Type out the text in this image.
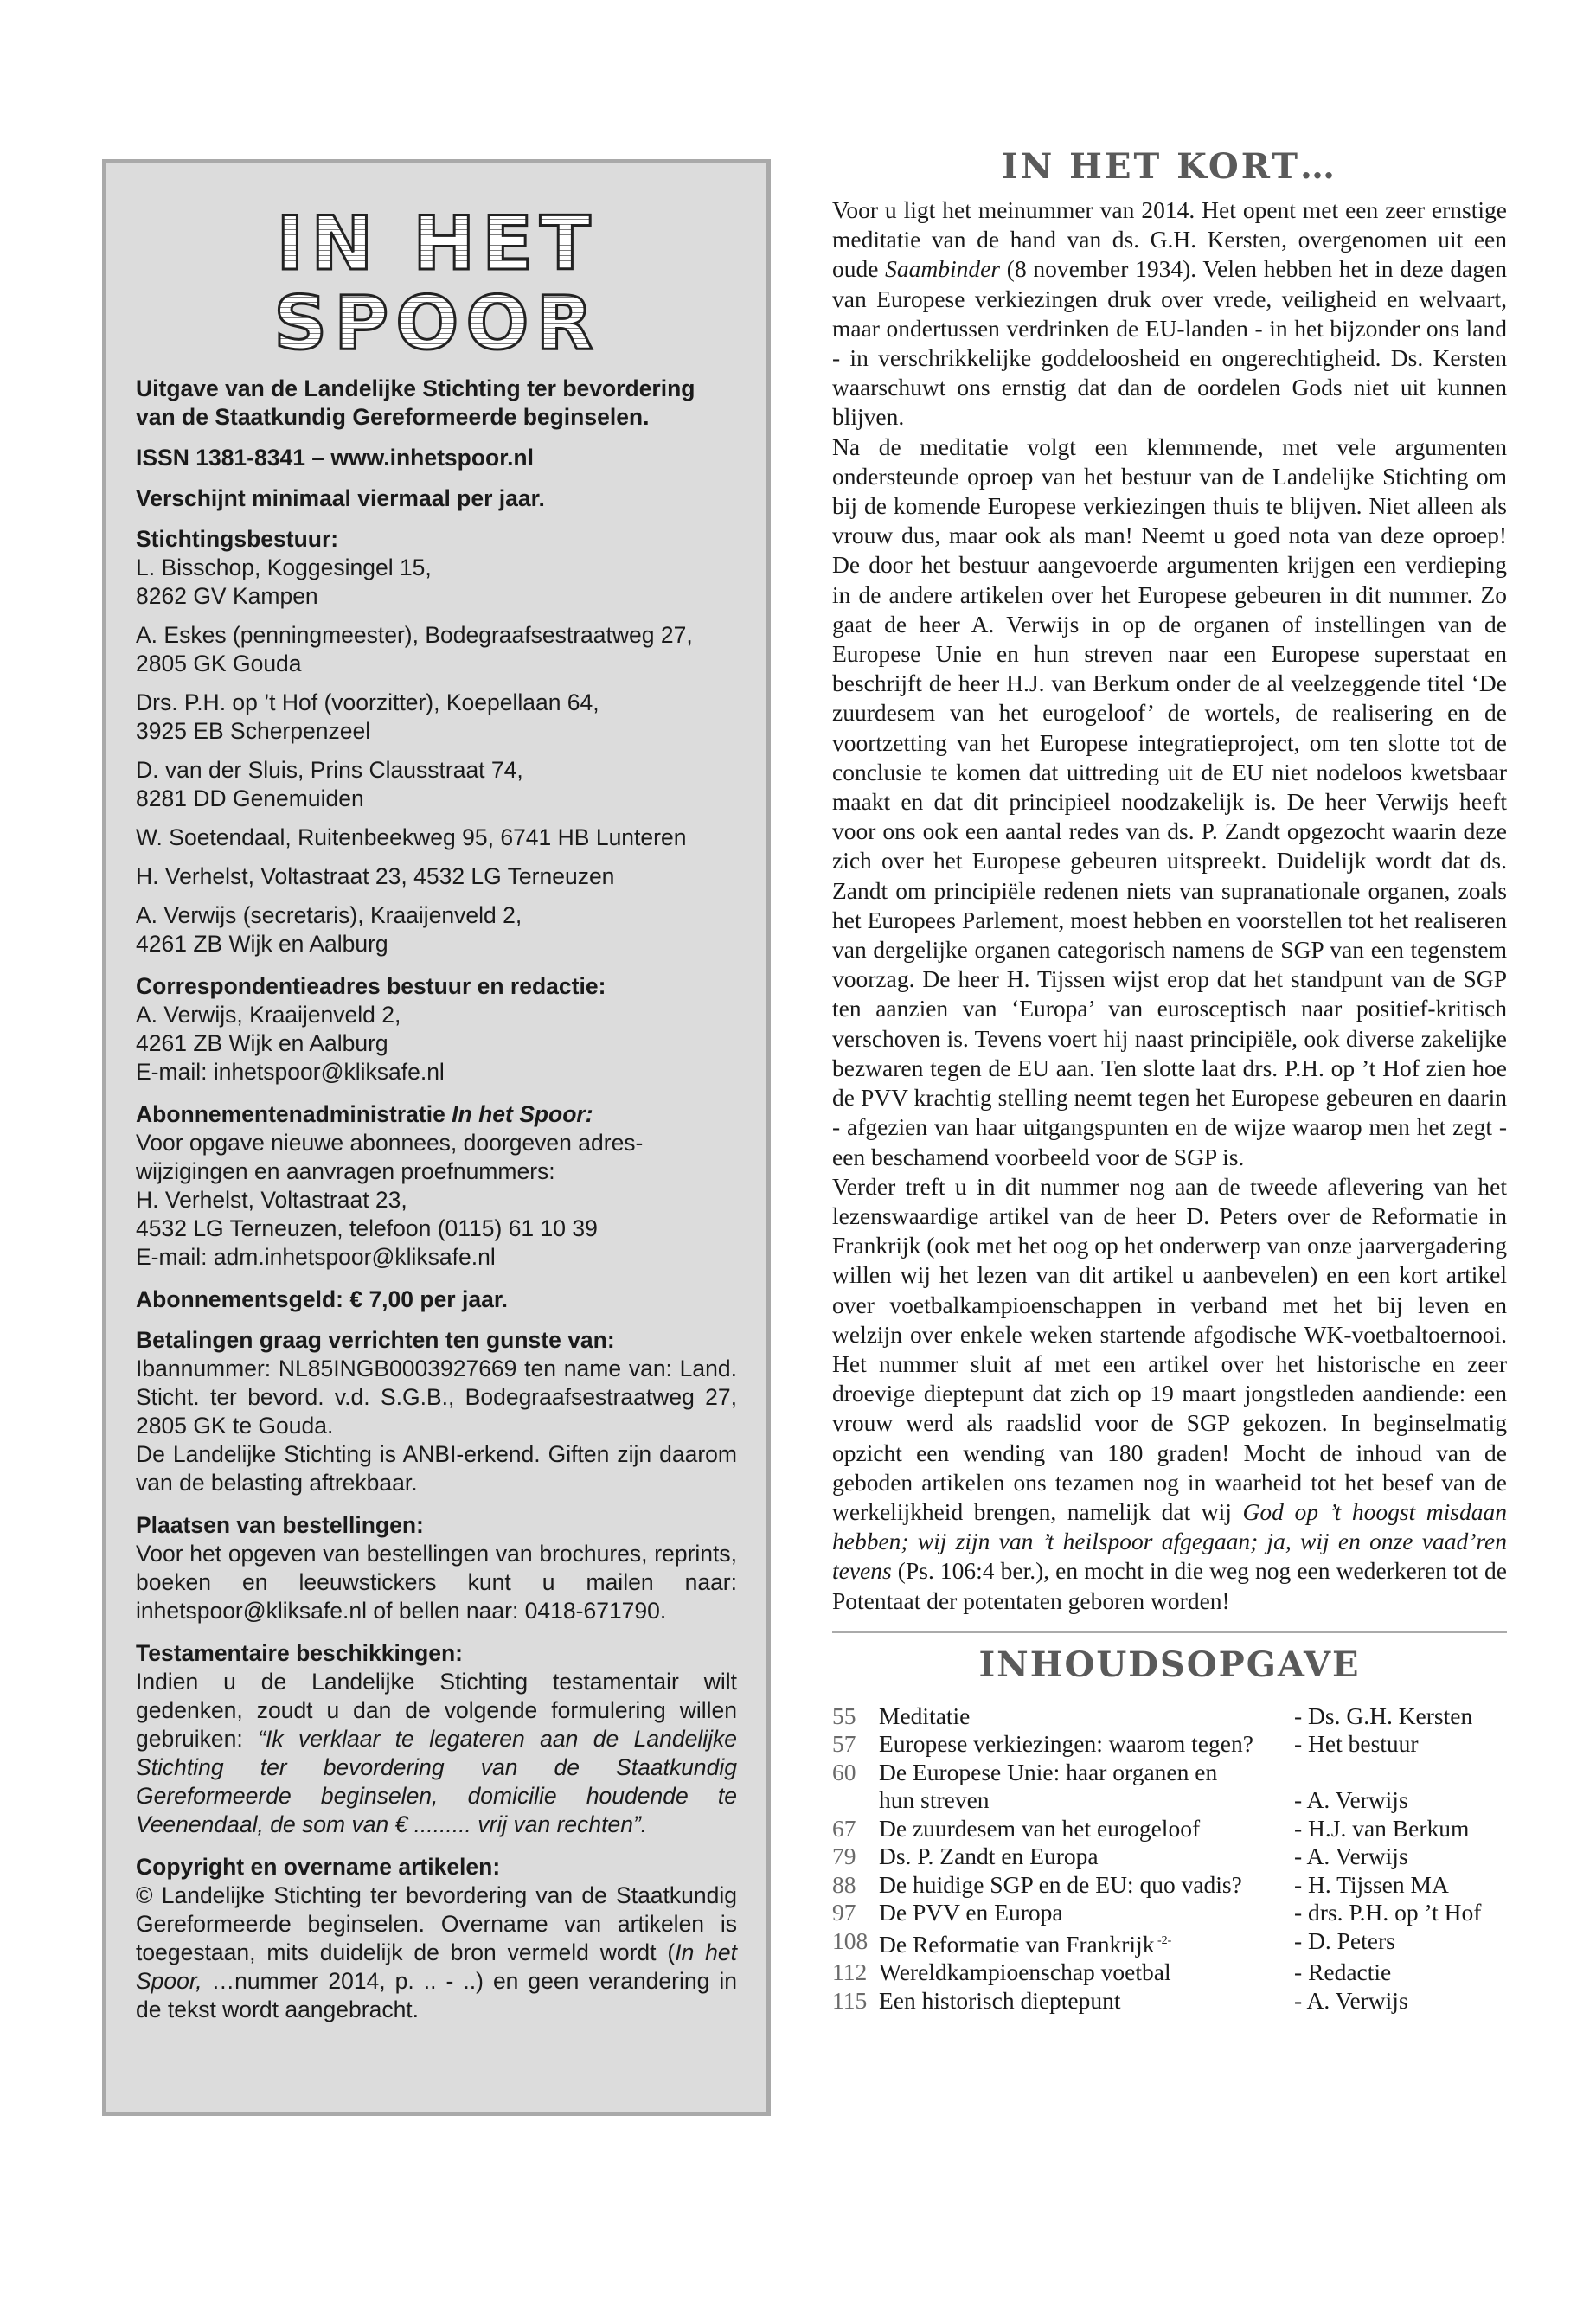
IN HET
SPOOR

Uitgave van de Landelijke Stichting ter bevordering van de Staatkundig Gereformeerde beginselen.

ISSN 1381-8341 – www.inhetspoor.nl

Verschijnt minimaal viermaal per jaar.

Stichtingsbestuur:
L. Bisschop, Koggesingel 15,
8262 GV Kampen
A. Eskes (penningmeester), Bodegraafsestraatweg 27,
2805 GK Gouda
Drs. P.H. op ’t Hof (voorzitter), Koepellaan 64,
3925 EB Scherpenzeel
D. van der Sluis, Prins Clausstraat 74,
8281 DD Genemuiden
W. Soetendaal, Ruitenbeekweg 95, 6741 HB Lunteren
H. Verhelst, Voltastraat 23, 4532 LG Terneuzen
A. Verwijs (secretaris), Kraaijenveld 2,
4261 ZB Wijk en Aalburg
Correspondentieadres bestuur en redactie:
A. Verwijs, Kraaijenveld 2,
4261 ZB Wijk en Aalburg
E-mail: inhetspoor@kliksafe.nl
Abonnementenadministratie In het Spoor:
Voor opgave nieuwe abonnees, doorgeven adres-
wijzigingen en aanvragen proefnummers:
H. Verhelst, Voltastraat 23,
4532 LG Terneuzen, telefoon (0115) 61 10 39
E-mail: adm.inhetspoor@kliksafe.nl

Abonnementsgeld: € 7,00 per jaar.

Betalingen graag verrichten ten gunste van:
Ibannummer: NL85INGB0003927669 ten name van: Land. Sticht. ter bevord. v.d. S.G.B., Bodegraafsestraatweg 27, 2805 GK te Gouda.
De Landelijke Stichting is ANBI-erkend. Giften zijn daarom van de belasting aftrekbaar.
Plaatsen van bestellingen:
Voor het opgeven van bestellingen van brochures, reprints, boeken en leeuwstickers kunt u mailen naar: inhetspoor@kliksafe.nl of bellen naar: 0418-671790.
Testamentaire beschikkingen:
Indien u de Landelijke Stichting testamentair wilt gedenken, zoudt u dan de volgende formulering willen gebruiken: “Ik verklaar te legateren aan de Landelijke Stichting ter bevordering van de Staatkundig Gereformeerde beginselen, domicilie houdende te Veenendaal, de som van € ......... vrij van rechten”.
Copyright en overname artikelen:
© Landelijke Stichting ter bevordering van de Staatkundig Gereformeerde beginselen. Overname van artikelen is toegestaan, mits duidelijk de bron vermeld wordt (In het Spoor, …nummer 2014, p. .. - ..) en geen verandering in de tekst wordt aangebracht.
IN HET KORT…

Voor u ligt het meinummer van 2014. Het opent met een zeer ernstige meditatie van de hand van ds. G.H. Kersten, overgenomen uit een oude Saambinder (8 november 1934). Velen hebben het in deze dagen van Europese verkiezingen druk over vrede, veiligheid en welvaart, maar ondertussen verdrinken de EU-landen - in het bijzonder ons land - in verschrikkelijke goddeloosheid en ongerechtigheid. Ds. Kersten waarschuwt ons ernstig dat dan de oordelen Gods niet uit kunnen blijven.

Na de meditatie volgt een klemmende, met vele argumenten ondersteunde oproep van het bestuur van de Landelijke Stichting om bij de komende Europese verkiezingen thuis te blijven. Niet alleen als vrouw dus, maar ook als man! Neemt u goed nota van deze oproep! De door het bestuur aangevoerde argumenten krijgen een verdieping in de andere artikelen over het Europese gebeuren in dit nummer. Zo gaat de heer A. Verwijs in op de organen of instellingen van de Europese Unie en hun streven naar een Europese superstaat en beschrijft de heer H.J. van Berkum onder de al veelzeggende titel ‘De zuurdesem van het eurogeloof’ de wortels, de realisering en de voortzetting van het Europese integratieproject, om ten slotte tot de conclusie te komen dat uittreding uit de EU niet nodeloos kwetsbaar maakt en dat dit principieel noodzakelijk is. De heer Verwijs heeft voor ons ook een aantal redes van ds. P. Zandt opgezocht waarin deze zich over het Europese gebeuren uitspreekt. Duidelijk wordt dat ds. Zandt om principiële redenen niets van supranationale organen, zoals het Europees Parlement, moest hebben en voorstellen tot het realiseren van dergelijke organen categorisch namens de SGP van een tegenstem voorzag. De heer H. Tijssen wijst erop dat het standpunt van de SGP ten aanzien van ‘Europa’ van eurosceptisch naar positief-kritisch verschoven is. Tevens voert hij naast principiële, ook diverse zakelijke bezwaren tegen de EU aan. Ten slotte laat drs. P.H. op ’t Hof zien hoe de PVV krachtig stelling neemt tegen het Europese gebeuren en daarin - afgezien van haar uitgangspunten en de wijze waarop men het zegt - een beschamend voorbeeld voor de SGP is.

Verder treft u in dit nummer nog aan de tweede aflevering van het lezenswaardige artikel van de heer D. Peters over de Reformatie in Frankrijk (ook met het oog op het onderwerp van onze jaarvergadering willen wij het lezen van dit artikel u aanbevelen) en een kort artikel over voetbalkampioenschappen in verband met het bij leven en welzijn over enkele weken startende afgodische WK-voetbaltoernooi. Het nummer sluit af met een artikel over het historische en zeer droevige dieptepunt dat zich op 19 maart jongstleden aandiende: een vrouw werd als raadslid voor de SGP gekozen. In beginselmatig opzicht een wending van 180 graden! Mocht de inhoud van de geboden artikelen ons tezamen nog in waarheid tot het besef van de werkelijkheid brengen, namelijk dat wij God op ’t hoogst misdaan hebben; wij zijn van ’t heilspoor afgegaan; ja, wij en onze vaad’ren tevens (Ps. 106:4 ber.), en mocht in die weg nog een wederkeren tot de Potentaat der potentaten geboren worden!

INHOUDSOPGAVE
55 Meditatie	- Ds. G.H. Kersten
57 Europese verkiezingen: waarom tegen?	- Het bestuur
60 De Europese Unie: haar organen en
hun streven	- A. Verwijs
67 De zuurdesem van het eurogeloof	- H.J. van Berkum
79 Ds. P. Zandt en Europa	- A. Verwijs
88 De huidige SGP en de EU: quo vadis?	- H. Tijssen MA
97 De PVV en Europa	- drs. P.H. op ’t Hof
108 De Reformatie van Frankrijk $^{-2-}$	- D. Peters
112 Wereldkampioenschap voetbal	- Redactie
115 Een historisch dieptepunt	- A. Verwijs
